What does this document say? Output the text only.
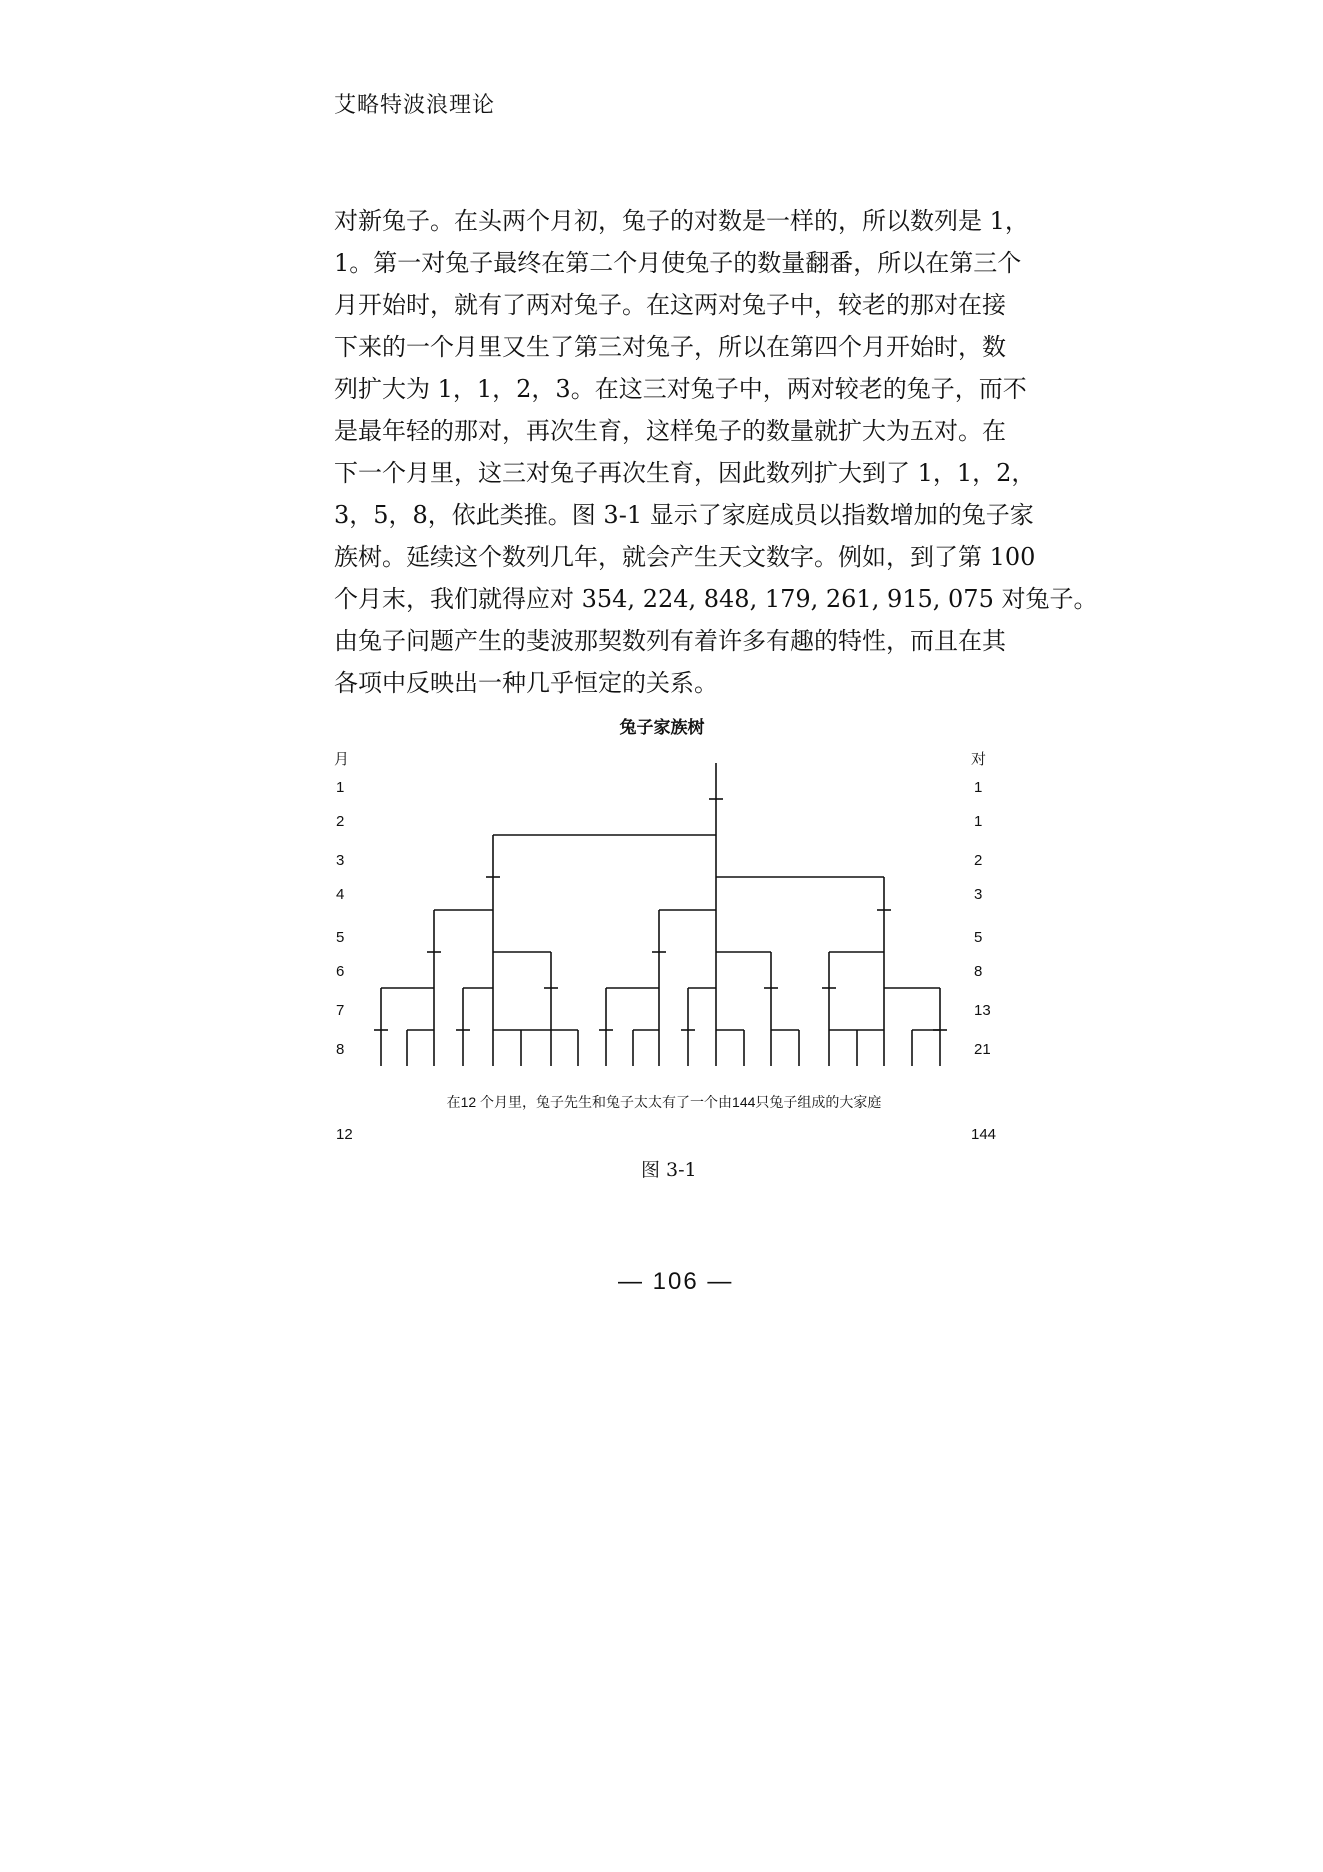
艾略特波浪理论
对新兔子。在头两个月初，兔子的对数是一样的，所以数列是 1，
1。第一对兔子最终在第二个月使兔子的数量翻番，所以在第三个
月开始时，就有了两对兔子。在这两对兔子中，较老的那对在接
下来的一个月里又生了第三对兔子，所以在第四个月开始时，数
列扩大为 1，1，2，3。在这三对兔子中，两对较老的兔子，而不
是最年轻的那对，再次生育，这样兔子的数量就扩大为五对。在
下一个月里，这三对兔子再次生育，因此数列扩大到了 1，1，2，
3，5，8，依此类推。图 3-1 显示了家庭成员以指数增加的兔子家
族树。延续这个数列几年，就会产生天文数字。例如，到了第 100
个月末，我们就得应对 354, 224, 848, 179, 261, 915, 075 对兔子。
由兔子问题产生的斐波那契数列有着许多有趣的特性，而且在其
各项中反映出一种几乎恒定的关系。
兔子家族树
月	对
1
2
3
4
5
6
7
8
1
1
2
3
5
8
13
21
在12 个月里，兔子先生和兔子太太有了一个由144只兔子组成的大家庭
12	144
图 3-1
— 106 —
